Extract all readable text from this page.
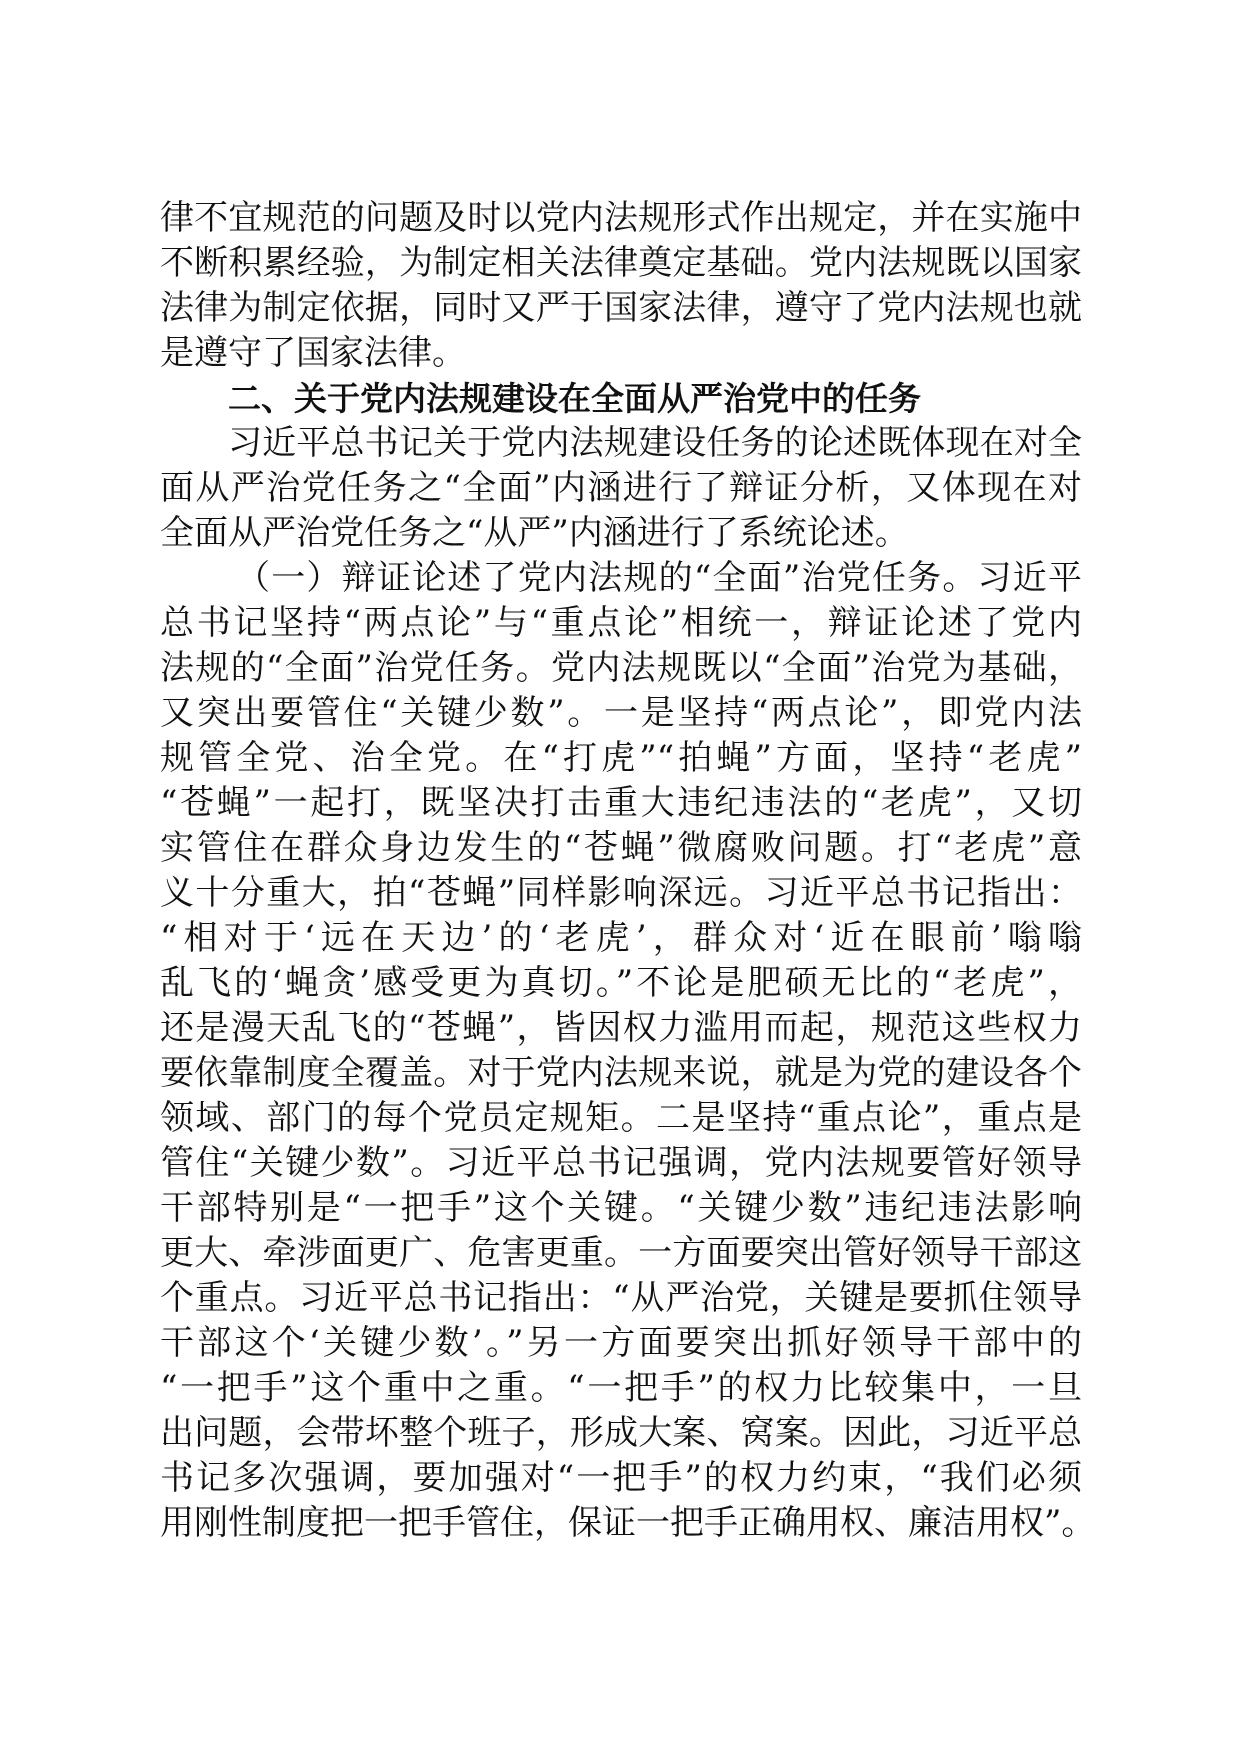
律不宜规范的问题及时以党内法规形式作出规定，并在实施中
不断积累经验，为制定相关法律奠定基础。党内法规既以国家
法律为制定依据，同时又严于国家法律，遵守了党内法规也就
是遵守了国家法律。
二、关于党内法规建设在全面从严治党中的任务
习近平总书记关于党内法规建设任务的论述既体现在对全
面从严治党任务之“全面”内涵进行了辩证分析，又体现在对
全面从严治党任务之“从严”内涵进行了系统论述。
（一）辩证论述了党内法规的“全面”治党任务。习近平
总书记坚持“两点论”与“重点论”相统一，辩证论述了党内
法规的“全面”治党任务。党内法规既以“全面”治党为基础，
又突出要管住“关键少数”。一是坚持“两点论”，即党内法
规管全党、治全党。在“打虎”“拍蝇”方面，坚持“老虎”
“苍蝇”一起打，既坚决打击重大违纪违法的“老虎”，又切
实管住在群众身边发生的“苍蝇”微腐败问题。打“老虎”意
义十分重大，拍“苍蝇”同样影响深远。习近平总书记指出：
“相对于‘远在天边’的‘老虎’，群众对‘近在眼前’嗡嗡
乱飞的‘蝇贪’感受更为真切。”不论是肥硕无比的“老虎”，
还是漫天乱飞的“苍蝇”，皆因权力滥用而起，规范这些权力
要依靠制度全覆盖。对于党内法规来说，就是为党的建设各个
领域、部门的每个党员定规矩。二是坚持“重点论”，重点是
管住“关键少数”。习近平总书记强调，党内法规要管好领导
干部特别是“一把手”这个关键。“关键少数”违纪违法影响
更大、牵涉面更广、危害更重。一方面要突出管好领导干部这
个重点。习近平总书记指出：“从严治党，关键是要抓住领导
干部这个‘关键少数’。”另一方面要突出抓好领导干部中的
“一把手”这个重中之重。“一把手”的权力比较集中，一旦
出问题，会带坏整个班子，形成大案、窝案。因此，习近平总
书记多次强调，要加强对“一把手”的权力约束，“我们必须
用刚性制度把一把手管住，保证一把手正确用权、廉洁用权”。
